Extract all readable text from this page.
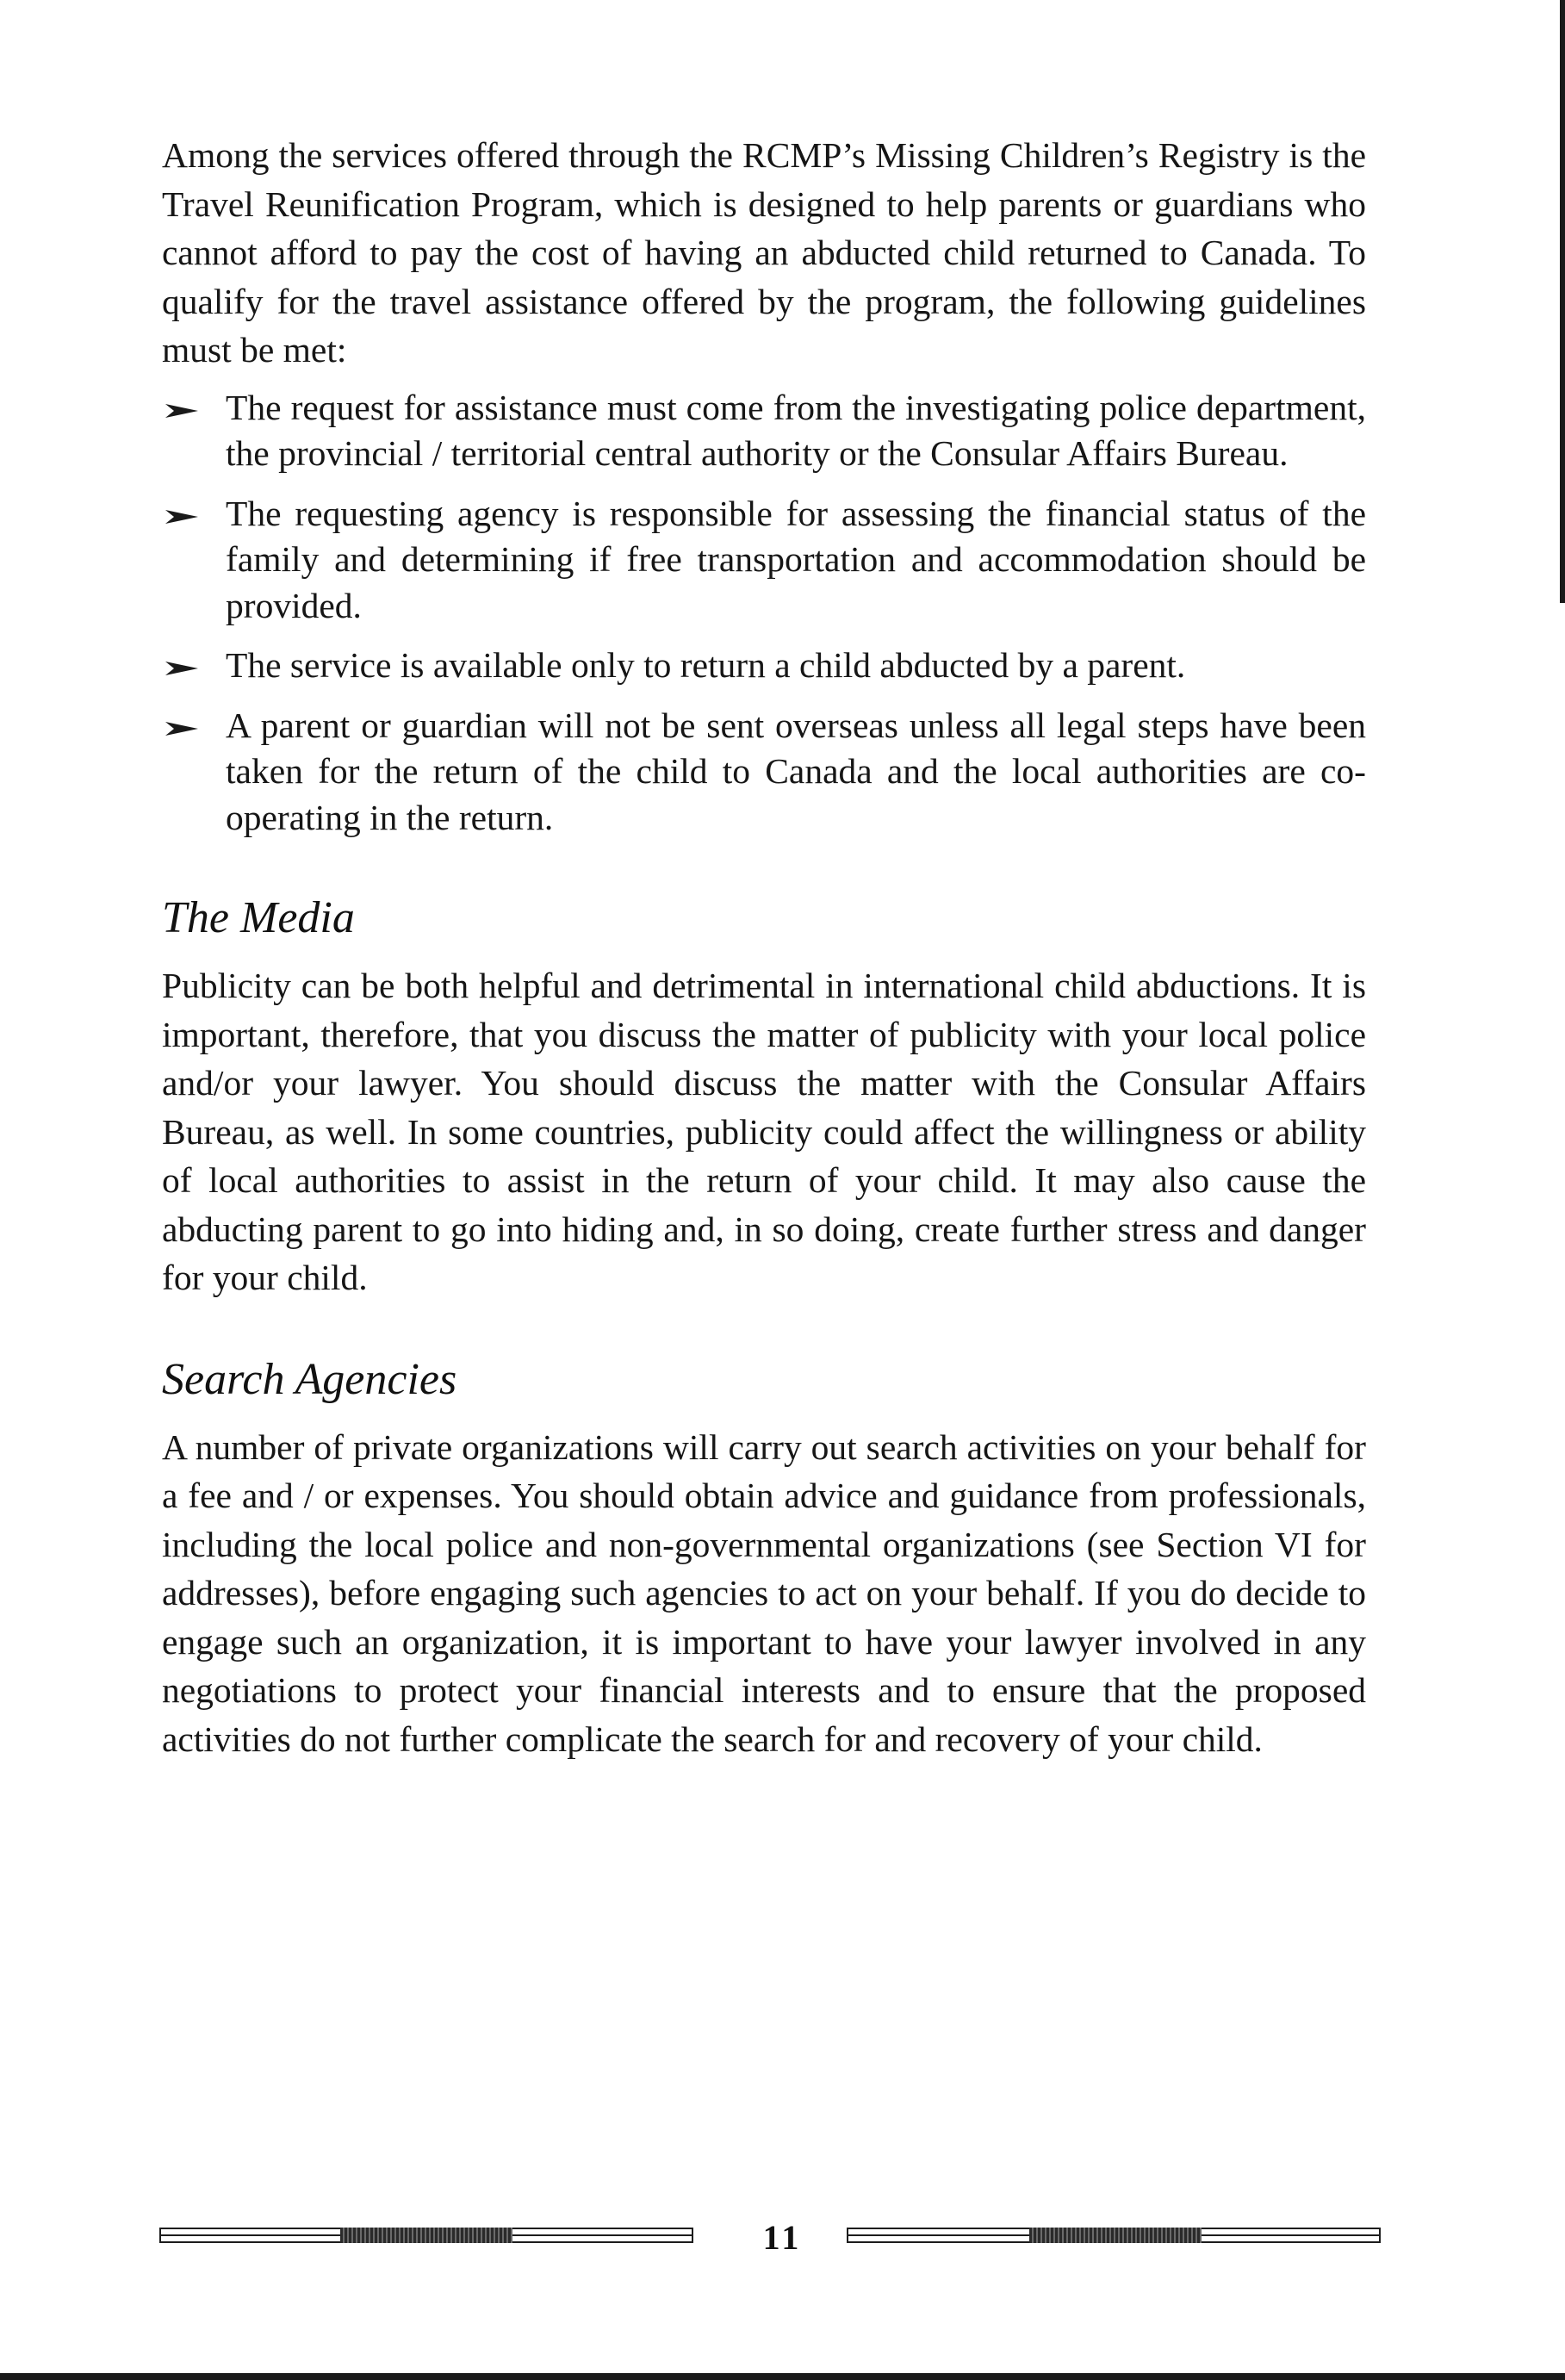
Among the services offered through the RCMP’s Missing Children’s Registry is the Travel Reunification Program, which is designed to help parents or guardians who cannot afford to pay the cost of having an abducted child returned to Canada. To qualify for the travel assistance offered by the program, the following guidelines must be met:

The request for assistance must come from the investigating police department, the provincial / territorial central authority or the Consular Affairs Bureau.
The requesting agency is responsible for assessing the financial status of the family and determining if free transportation and accommodation should be provided.
The service is available only to return a child abducted by a parent.
A parent or guardian will not be sent overseas unless all legal steps have been taken for the return of the child to Canada and the local authorities are co-operating in the return.
The Media

Publicity can be both helpful and detrimental in international child abductions. It is important, therefore, that you discuss the matter of publicity with your local police and/or your lawyer. You should discuss the matter with the Consular Affairs Bureau, as well. In some countries, publicity could affect the willingness or ability of local authorities to assist in the return of your child. It may also cause the abducting parent to go into hiding and, in so doing, create further stress and danger for your child.

Search Agencies

A number of private organizations will carry out search activities on your behalf for a fee and / or expenses. You should obtain advice and guidance from professionals, including the local police and non-governmental organizations (see Section VI for addresses), before engaging such agencies to act on your behalf. If you do decide to engage such an organization, it is important to have your lawyer involved in any negotiations to protect your financial interests and to ensure that the proposed activities do not further complicate the search for and recovery of your child.

11
